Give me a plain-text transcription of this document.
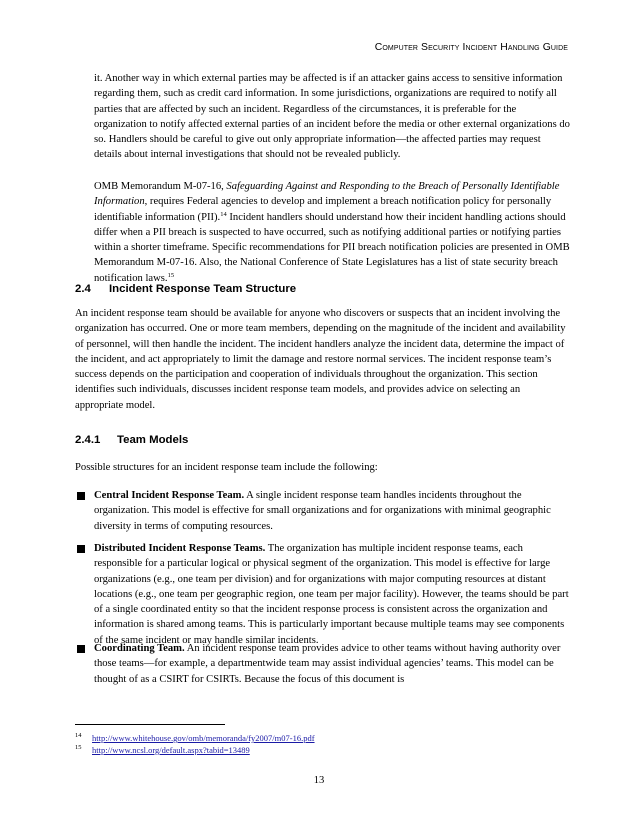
Computer Security Incident Handling Guide

it. Another way in which external parties may be affected is if an attacker gains access to sensitive information regarding them, such as credit card information. In some jurisdictions, organizations are required to notify all parties that are affected by such an incident. Regardless of the circumstances, it is preferable for the organization to notify affected external parties of an incident before the media or other external organizations do so. Handlers should be careful to give out only appropriate information—the affected parties may request details about internal investigations that should not be revealed publicly.

OMB Memorandum M-07-16, Safeguarding Against and Responding to the Breach of Personally Identifiable Information, requires Federal agencies to develop and implement a breach notification policy for personally identifiable information (PII).$^{14}$ Incident handlers should understand how their incident handling actions should differ when a PII breach is suspected to have occurred, such as notifying additional parties or notifying parties within a shorter timeframe. Specific recommendations for PII breach notification policies are presented in OMB Memorandum M-07-16. Also, the National Conference of State Legislatures has a list of state security breach notification laws.$^{15}$

2.4 Incident Response Team Structure

An incident response team should be available for anyone who discovers or suspects that an incident involving the organization has occurred. One or more team members, depending on the magnitude of the incident and availability of personnel, will then handle the incident. The incident handlers analyze the incident data, determine the impact of the incident, and act appropriately to limit the damage and restore normal services. The incident response team’s success depends on the participation and cooperation of individuals throughout the organization. This section identifies such individuals, discusses incident response team models, and provides advice on selecting an appropriate model.

2.4.1 Team Models

Possible structures for an incident response team include the following:

Central Incident Response Team. A single incident response team handles incidents throughout the organization. This model is effective for small organizations and for organizations with minimal geographic diversity in terms of computing resources.

Distributed Incident Response Teams. The organization has multiple incident response teams, each responsible for a particular logical or physical segment of the organization. This model is effective for large organizations (e.g., one team per division) and for organizations with major computing resources at distant locations (e.g., one team per geographic region, one team per major facility). However, the teams should be part of a single coordinated entity so that the incident response process is consistent across the organization and information is shared among teams. This is particularly important because multiple teams may see components of the same incident or may handle similar incidents.

Coordinating Team. An incident response team provides advice to other teams without having authority over those teams—for example, a departmentwide team may assist individual agencies’ teams. This model can be thought of as a CSIRT for CSIRTs. Because the focus of this document is

14 http://www.whitehouse.gov/omb/memoranda/fy2007/m07-16.pdf
15 http://www.ncsl.org/default.aspx?tabid=13489
13
